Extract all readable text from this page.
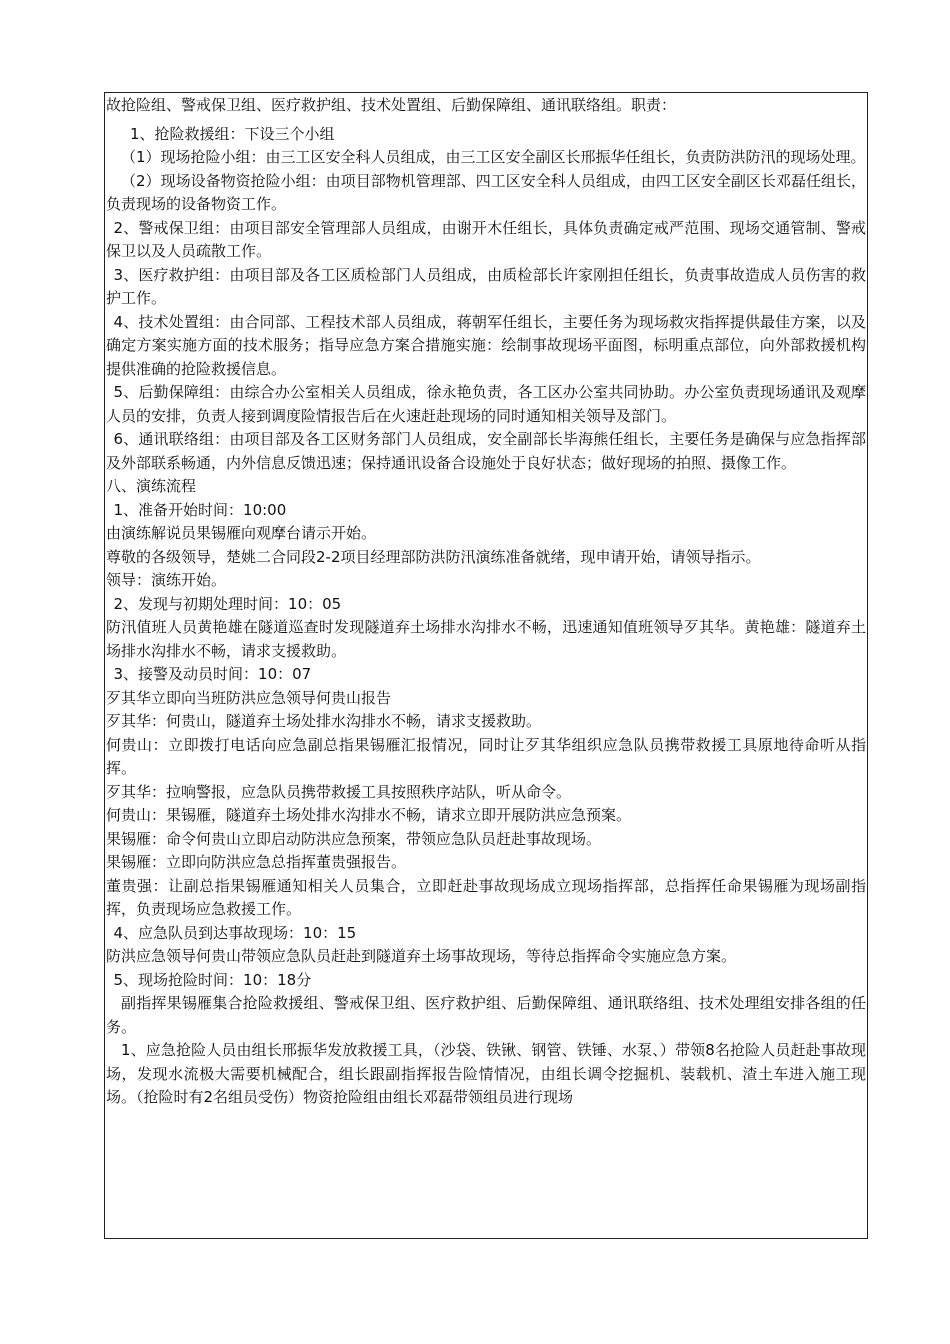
故抢险组、警戒保卫组、医疗救护组、技术处置组、后勤保障组、通讯联络组。职责：

1、抢险救援组：下设三个小组

（1）现场抢险小组：由三工区安全科人员组成，由三工区安全副区长邢振华任组长，负责防洪防汛的现场处理。

（2）现场设备物资抢险小组：由项目部物机管理部、四工区安全科人员组成，由四工区安全副区长邓磊任组长，负责现场的设备物资工作。

2、警戒保卫组：由项目部安全管理部人员组成，由谢开木任组长，具体负责确定戒严范围、现场交通管制、警戒保卫以及人员疏散工作。

3、医疗救护组：由项目部及各工区质检部门人员组成，由质检部长许家刚担任组长，负责事故造成人员伤害的救护工作。

4、技术处置组：由合同部、工程技术部人员组成，蒋朝军任组长，主要任务为现场救灾指挥提供最佳方案，以及确定方案实施方面的技术服务；指导应急方案合措施实施：绘制事故现场平面图，标明重点部位，向外部救援机构提供准确的抢险救援信息。

5、后勤保障组：由综合办公室相关人员组成，徐永艳负责，各工区办公室共同协助。办公室负责现场通讯及观摩人员的安排，负责人接到调度险情报告后在火速赶赴现场的同时通知相关领导及部门。

6、通讯联络组：由项目部及各工区财务部门人员组成，安全副部长毕海熊任组长，主要任务是确保与应急指挥部及外部联系畅通，内外信息反馈迅速；保持通讯设备合设施处于良好状态；做好现场的拍照、摄像工作。

八、演练流程

1、准备开始时间：10:00

由演练解说员果锡雁向观摩台请示开始。

尊敬的各级领导，楚姚二合同段2-2项目经理部防洪防汛演练准备就绪，现申请开始，请领导指示。

领导：演练开始。

2、发现与初期处理时间：10：05

防汛值班人员黄艳雄在隧道巡查时发现隧道弃土场排水沟排水不畅，迅速通知值班领导歹其华。黄艳雄：隧道弃土场排水沟排水不畅，请求支援救助。

3、接警及动员时间：10：07

歹其华立即向当班防洪应急领导何贵山报告

歹其华：何贵山，隧道弃土场处排水沟排水不畅，请求支援救助。

何贵山：立即拨打电话向应急副总指果锡雁汇报情况，同时让歹其华组织应急队员携带救援工具原地待命听从指挥。

歹其华：拉响警报，应急队员携带救援工具按照秩序站队，听从命令。

何贵山：果锡雁，隧道弃土场处排水沟排水不畅，请求立即开展防洪应急预案。

果锡雁：命令何贵山立即启动防洪应急预案，带领应急队员赶赴事故现场。

果锡雁：立即向防洪应急总指挥董贵强报告。

董贵强：让副总指果锡雁通知相关人员集合，立即赶赴事故现场成立现场指挥部，总指挥任命果锡雁为现场副指挥，负责现场应急救援工作。

4、应急队员到达事故现场：10：15

防洪应急领导何贵山带领应急队员赶赴到隧道弃土场事故现场，等待总指挥命令实施应急方案。

5、现场抢险时间：10：18分

副指挥果锡雁集合抢险救援组、警戒保卫组、医疗救护组、后勤保障组、通讯联络组、技术处理组安排各组的任务。

1、应急抢险人员由组长邢振华发放救援工具，（沙袋、铁锹、钢管、铁锤、水泵、）带领8名抢险人员赶赴事故现场，发现水流极大需要机械配合，组长跟副指挥报告险情情况，由组长调令挖掘机、装载机、渣土车进入施工现场。（抢险时有2名组员受伤）物资抢险组由组长邓磊带领组员进行现场
